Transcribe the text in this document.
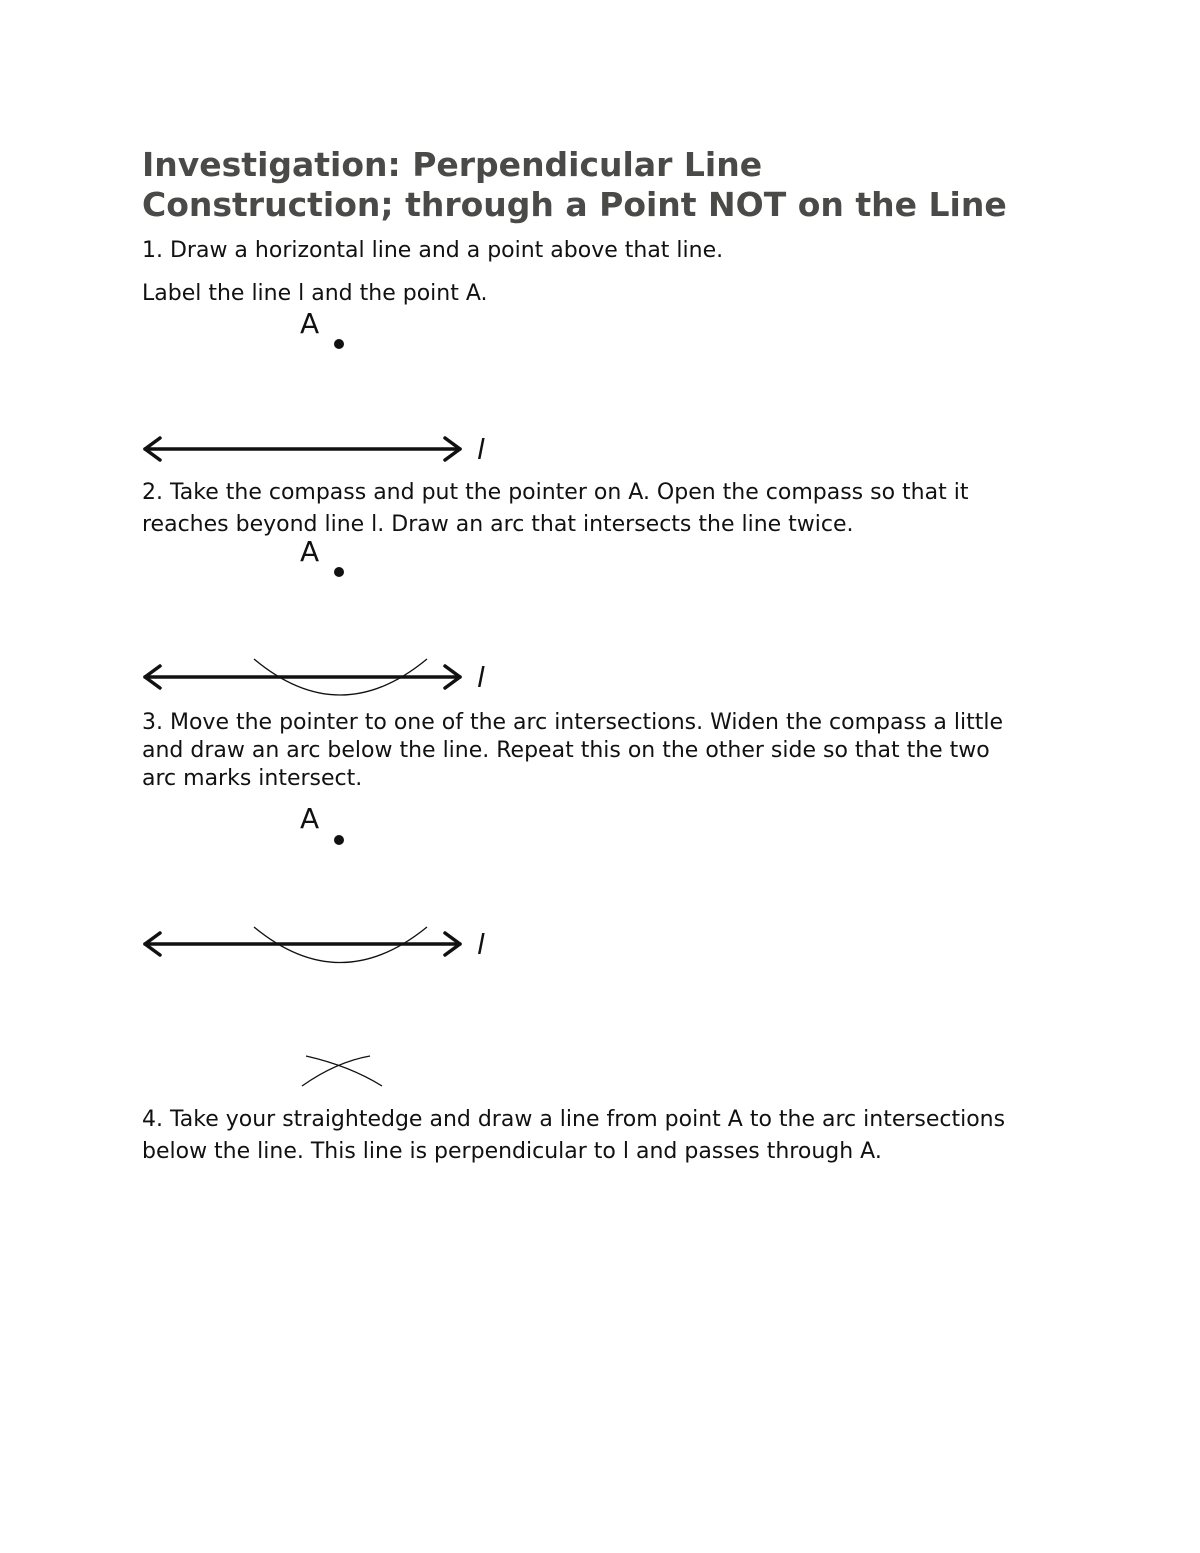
Investigation: Perpendicular Line
Construction; through a Point NOT on the Line
1. Draw a horizontal line and a point above that line.
Label the line l and the point A.
A
l
2. Take the compass and put the pointer on A. Open the compass so that it
reaches beyond line l. Draw an arc that intersects the line twice.
A
l
3. Move the pointer to one of the arc intersections. Widen the compass a little
and draw an arc below the line. Repeat this on the other side so that the two
arc marks intersect.
A
l
4. Take your straightedge and draw a line from point A to the arc intersections
below the line. This line is perpendicular to l and passes through A.
